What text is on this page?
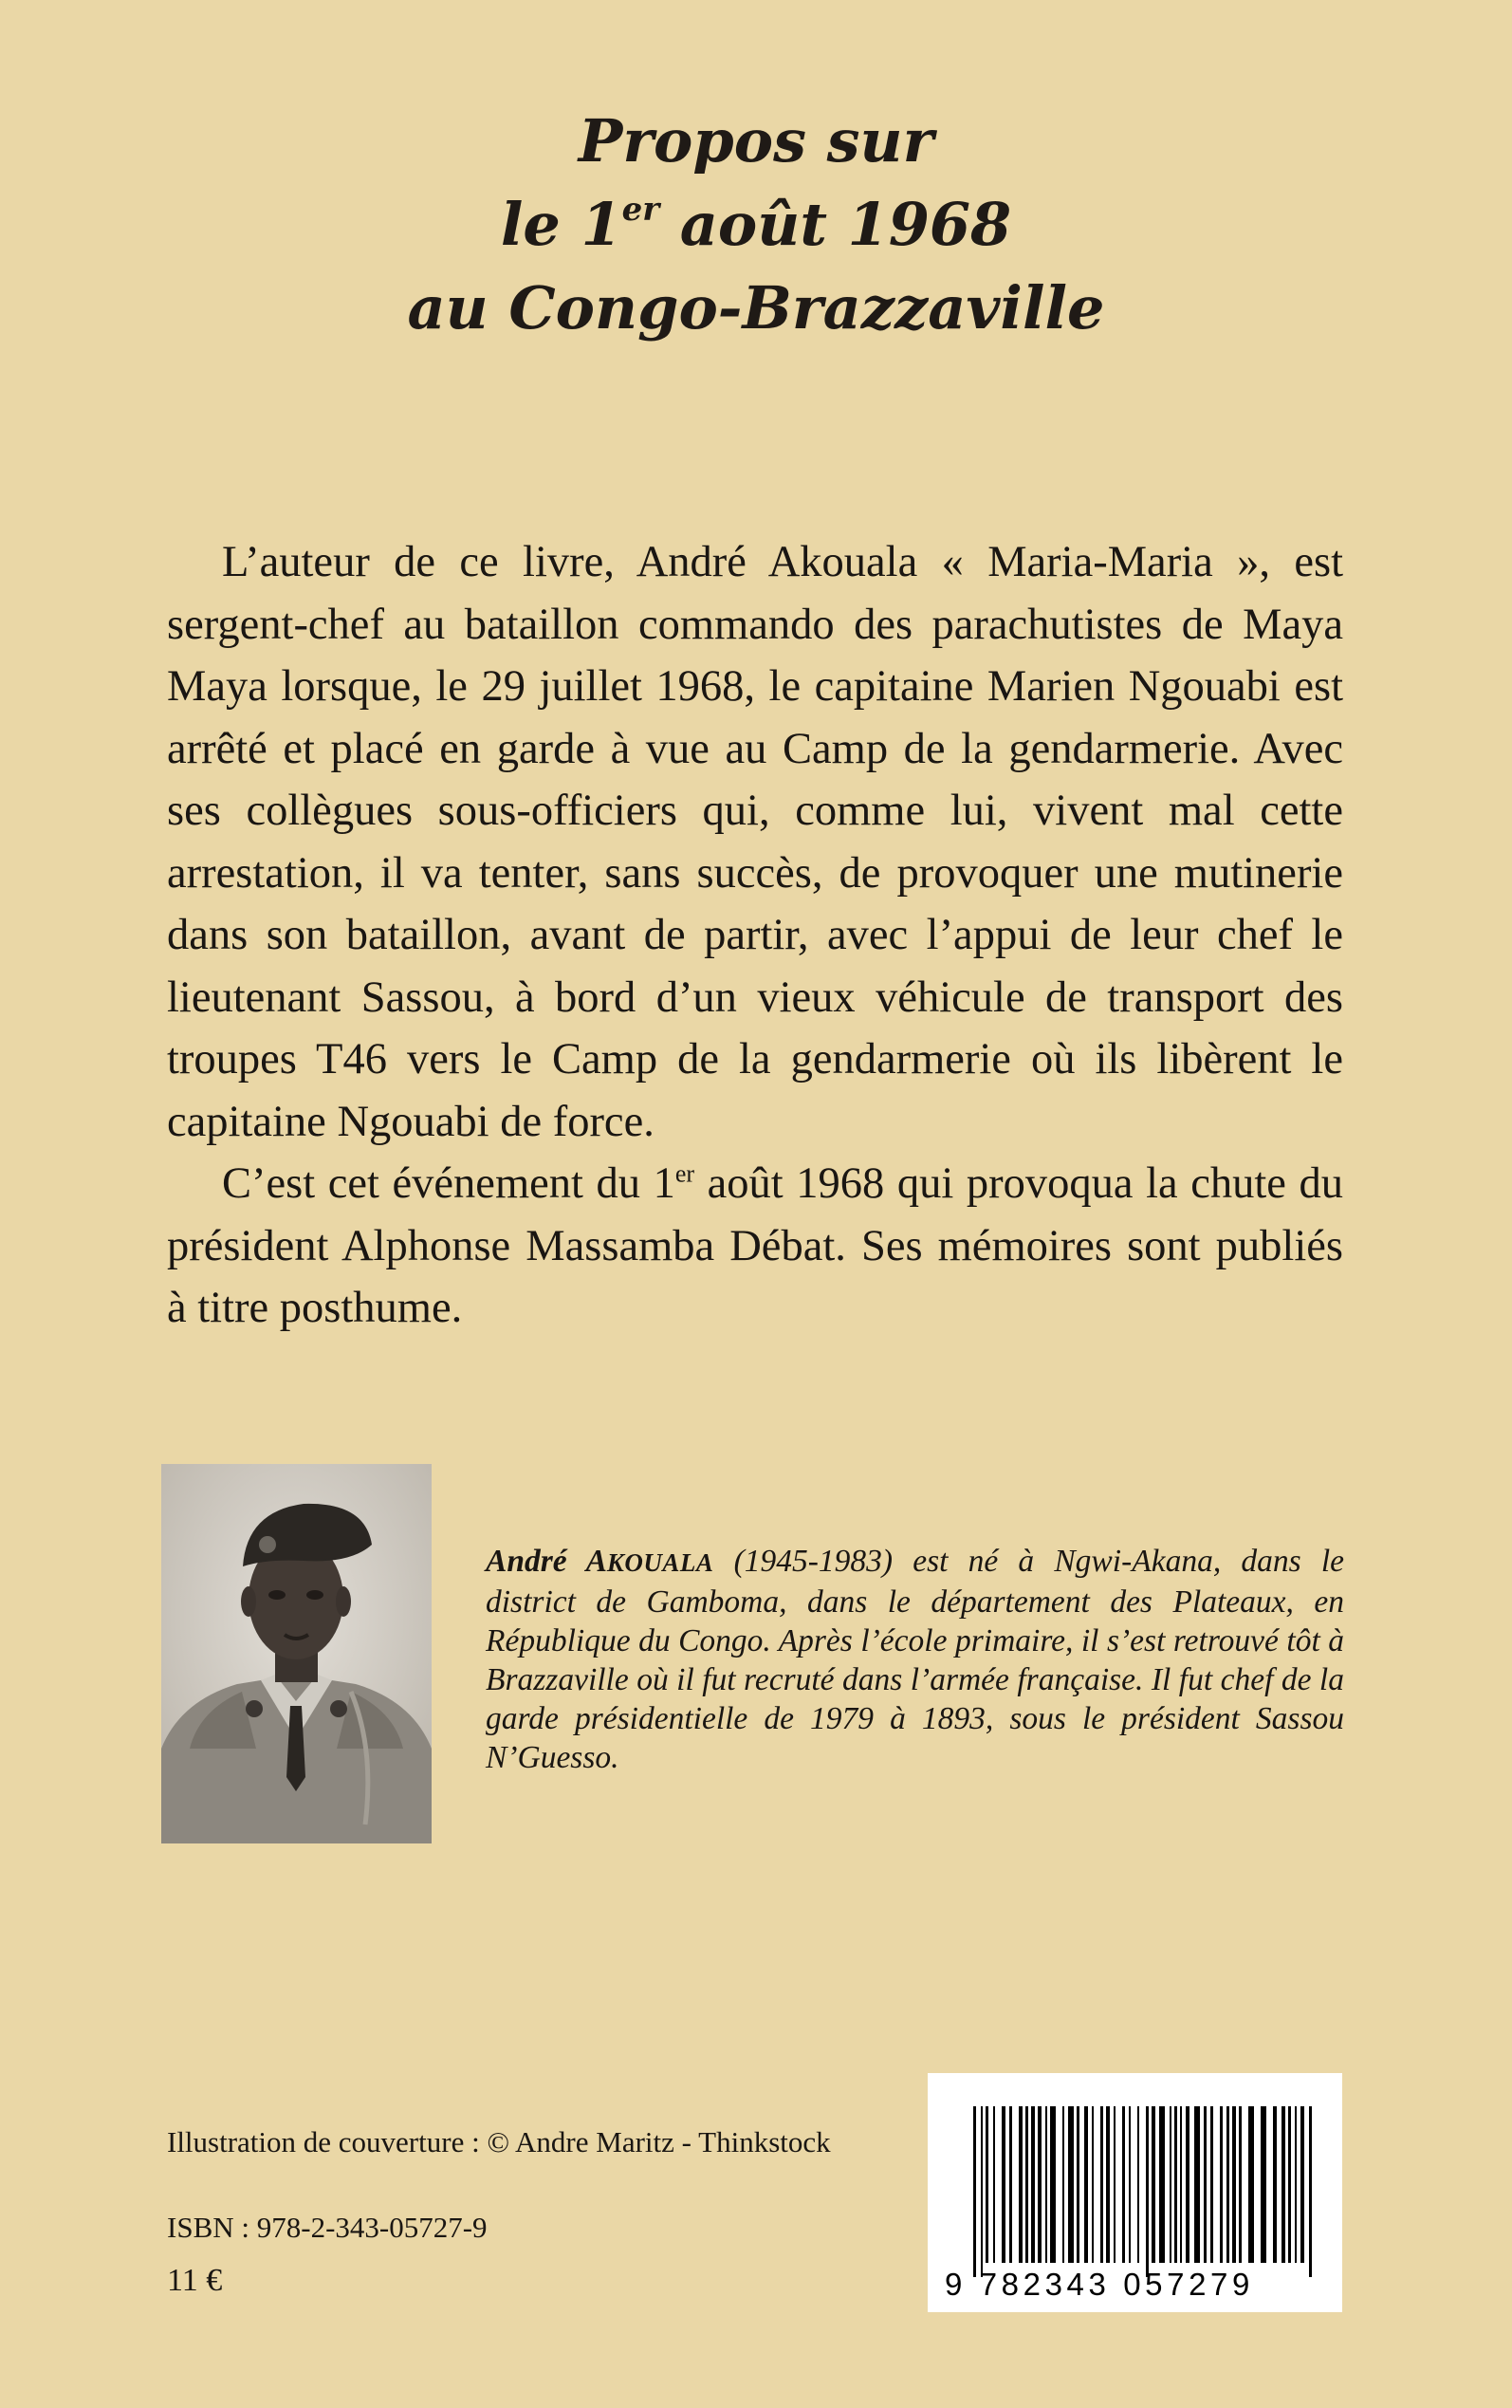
Propos sur
le 1er août 1968
au Congo-Brazzaville

L’auteur de ce livre, André Akouala « Maria-Maria », est sergent-chef au bataillon commando des parachutistes de Maya Maya lorsque, le 29 juillet 1968, le capitaine Marien Ngouabi est arrêté et placé en garde à vue au Camp de la gendarmerie. Avec ses collègues sous-officiers qui, comme lui, vivent mal cette arrestation, il va tenter, sans succès, de provoquer une mutinerie dans son bataillon, avant de partir, avec l’appui de leur chef le lieutenant Sassou, à bord d’un vieux véhicule de transport des troupes T46 vers le Camp de la gendarmerie où ils libèrent le capitaine Ngouabi de force.

C’est cet événement du 1er août 1968 qui provoqua la chute du président Alphonse Massamba Débat. Ses mémoires sont publiés à titre posthume.

André AKOUALA (1945-1983) est né à Ngwi-Akana, dans le district de Gamboma, dans le département des Plateaux, en République du Congo. Après l’école primaire, il s’est retrouvé tôt à Brazzaville où il fut recruté dans l’armée française. Il fut chef de la garde présidentielle de 1979 à 1893, sous le président Sassou N’Guesso.
Illustration de couverture : © Andre Maritz - Thinkstock
ISBN : 978-2-343-05727-9
11 €	9 782343 057279
